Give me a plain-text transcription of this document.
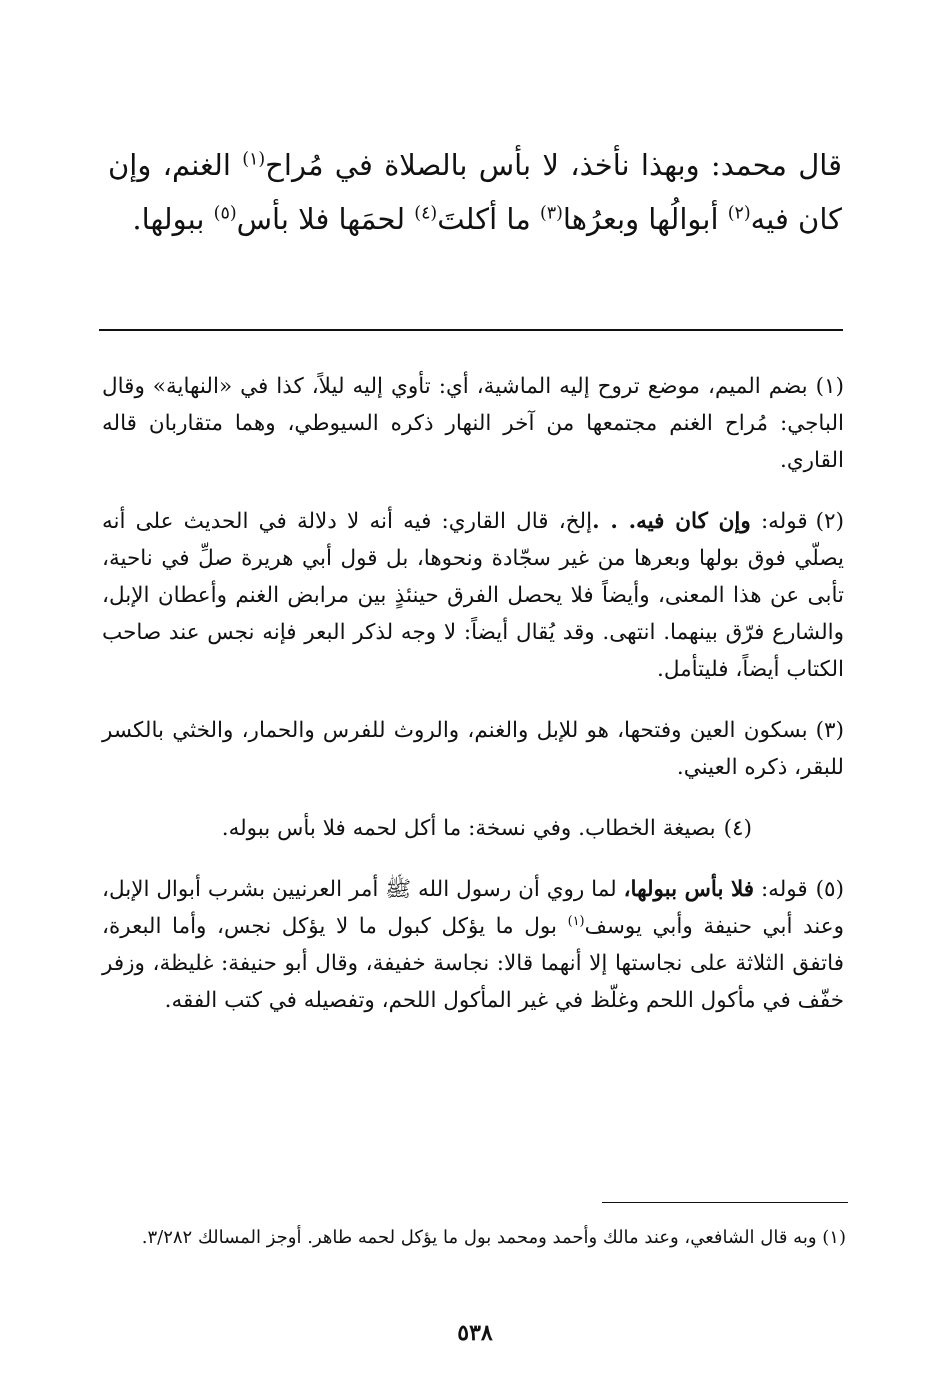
قال محمد: وبهذا نأخذ، لا بأس بالصلاة في مُراح$^{(١)}$ الغنم، وإن كان فيه$^{(٢)}$ أبوالُها وبعرُها$^{(٣)}$ ما أكلتَ$^{(٤)}$ لحمَها فلا بأس$^{(٥)}$ ببولها.

(١)بضم الميم، موضع تروح إليه الماشية، أي: تأوي إليه ليلاً، كذا في «النهاية» وقال الباجي: مُراح الغنم مجتمعها من آخر النهار ذكره السيوطي، وهما متقاربان قاله القاري.

(٢)قوله: وإن كان فيه. . .إلخ، قال القاري: فيه أنه لا دلالة في الحديث على أنه يصلّي فوق بولها وبعرها من غير سجّادة ونحوها، بل قول أبي هريرة صلِّ في ناحية، تأبى عن هذا المعنى، وأيضاً فلا يحصل الفرق حينئذٍ بين مرابض الغنم وأعطان الإبل، والشارع فرّق بينهما. انتهى. وقد يُقال أيضاً: لا وجه لذكر البعر فإنه نجس عند صاحب الكتاب أيضاً، فليتأمل.

(٣)بسكون العين وفتحها، هو للإبل والغنم، والروث للفرس والحمار، والخثي بالكسر للبقر، ذكره العيني.

(٤)بصيغة الخطاب. وفي نسخة: ما أكل لحمه فلا بأس ببوله.

(٥)قوله: فلا بأس ببولها، لما روي أن رسول الله ﷺ أمر العرنيين بشرب أبوال الإبل، وعند أبي حنيفة وأبي يوسف$^{(١)}$ بول ما يؤكل كبول ما لا يؤكل نجس، وأما البعرة، فاتفق الثلاثة على نجاستها إلا أنهما قالا: نجاسة خفيفة، وقال أبو حنيفة: غليظة، وزفر خفّف في مأكول اللحم وغلّظ في غير المأكول اللحم، وتفصيله في كتب الفقه.

(١) وبه قال الشافعي، وعند مالك وأحمد ومحمد بول ما يؤكل لحمه طاهر. أوجز المسالك ٣/٢٨٢.

٥٣٨
